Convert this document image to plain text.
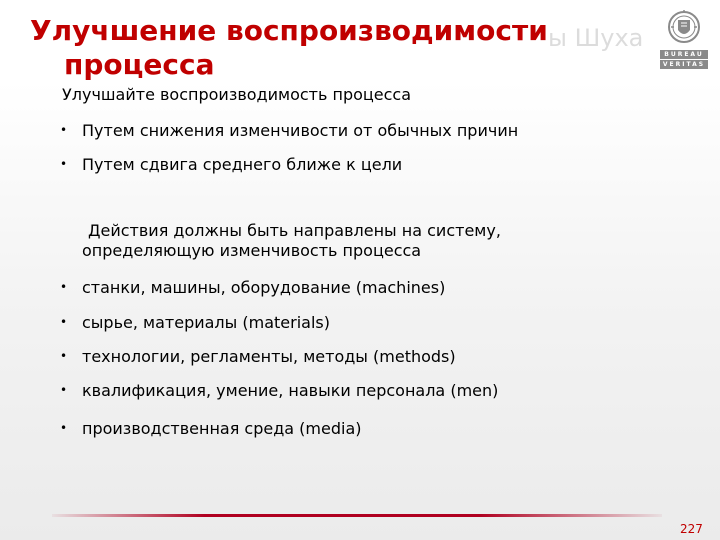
ы Шуха
Улучшение воспроизводимости
процесса	BUREAU
VERITAS

Улучшайте воспроизводимость процесса

• Путем снижения изменчивости от обычных причин

• Путем сдвига среднего ближе к цели

Действия должны быть направлены на систему,

определяющую изменчивость процесса

• станки, машины, оборудование (machines)

• сырье, материалы (materials)

• технологии, регламенты, методы (methods)

• квалификация, умение, навыки персонала (men)

• производственная среда (media)

227
